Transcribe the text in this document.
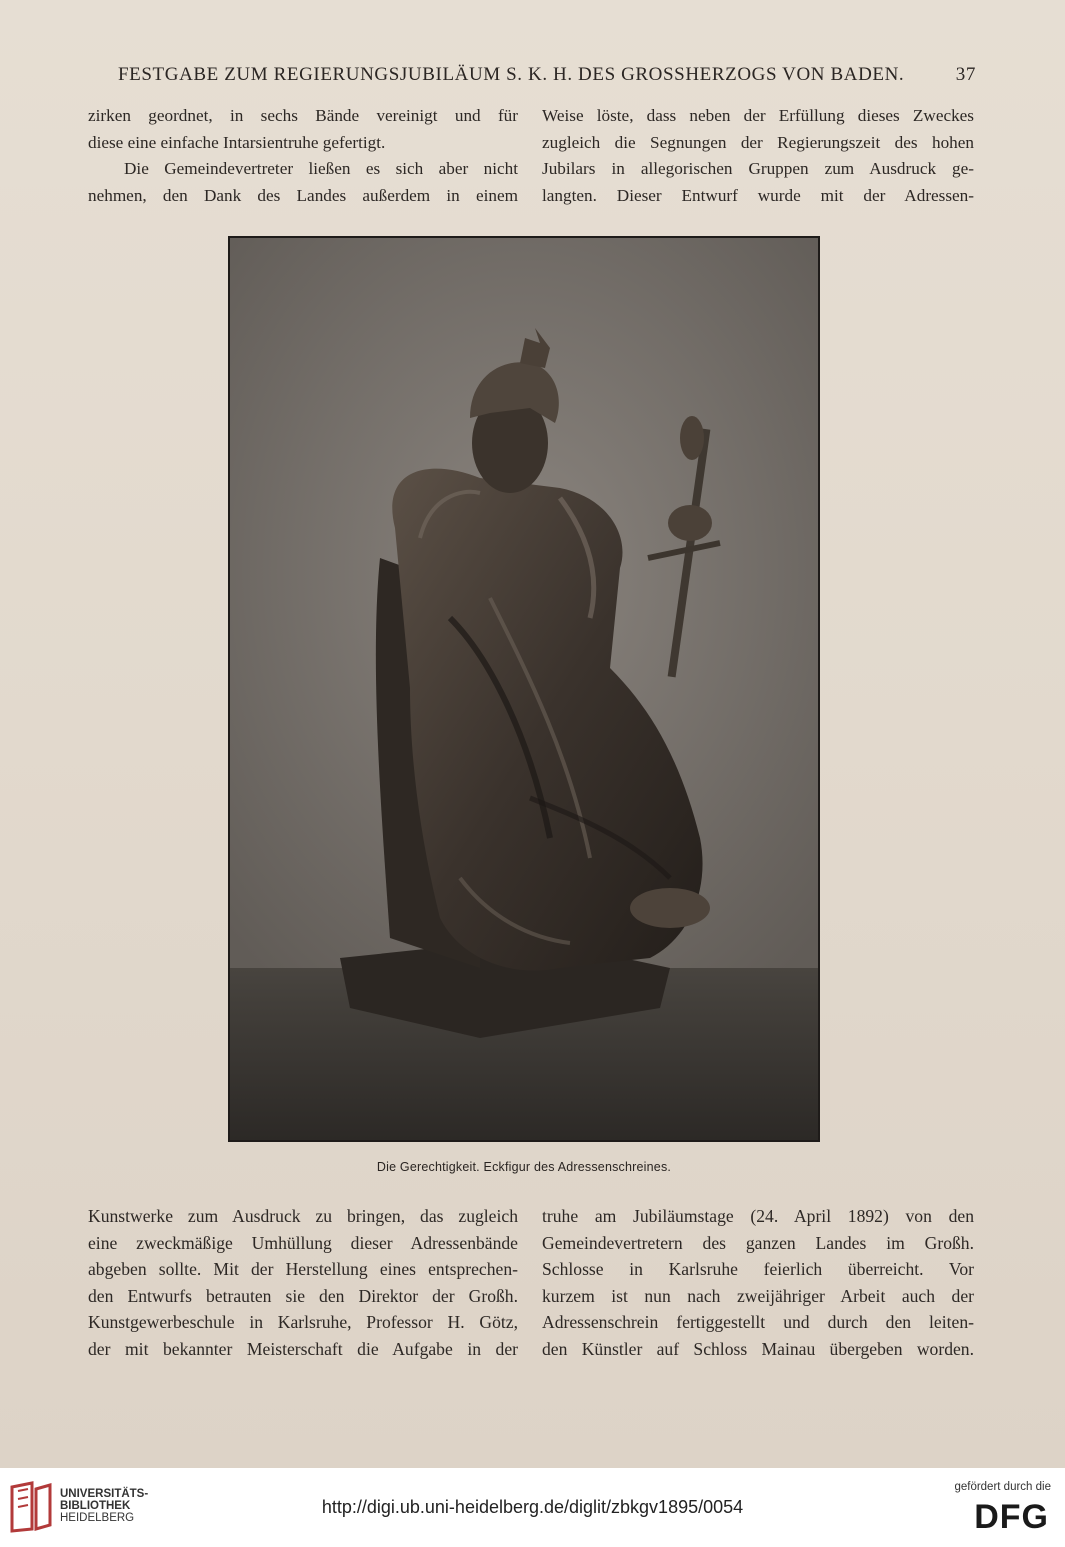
FESTGABE ZUM REGIERUNGSJUBILÄUM S. K. H. DES GROSSHERZOGS VON BADEN.	37
zirken geordnet, in sechs Bände vereinigt und für
diese eine einfache Intarsientruhe gefertigt.
Die Gemeindevertreter ließen es sich aber nicht
nehmen, den Dank des Landes außerdem in einem
Weise löste, dass neben der Erfüllung dieses Zweckes
zugleich die Segnungen der Regierungszeit des hohen
Jubilars in allegorischen Gruppen zum Ausdruck ge-
langten. Dieser Entwurf wurde mit der Adressen-
Die Gerechtigkeit. Eckfigur des Adressenschreines.
Kunstwerke zum Ausdruck zu bringen, das zugleich
eine zweckmäßige Umhüllung dieser Adressenbände
abgeben sollte. Mit der Herstellung eines entsprechen-
den Entwurfs betrauten sie den Direktor der Großh.
Kunstgewerbeschule in Karlsruhe, Professor H. Götz,
der mit bekannter Meisterschaft die Aufgabe in der
truhe am Jubiläumstage (24. April 1892) von den
Gemeindevertretern des ganzen Landes im Großh.
Schlosse in Karlsruhe feierlich überreicht. Vor
kurzem ist nun nach zweijähriger Arbeit auch der
Adressenschrein fertiggestellt und durch den leiten-
den Künstler auf Schloss Mainau übergeben worden.
UNIVERSITÄTS-
BIBLIOTHEK
HEIDELBERG
http://digi.ub.uni-heidelberg.de/diglit/zbkgv1895/0054
gefördert durch die
DFG
